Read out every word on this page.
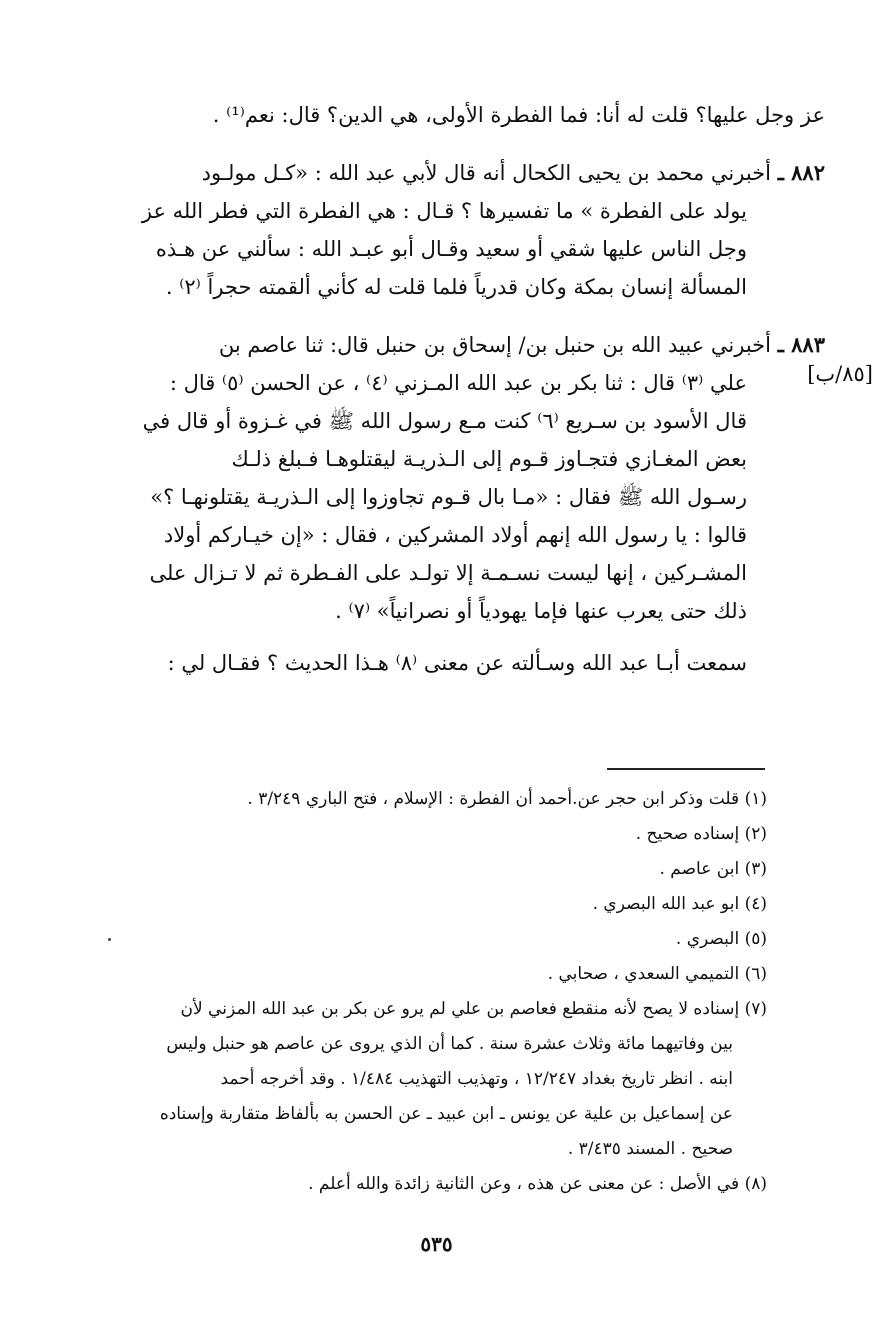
عز وجل عليها؟ قلت له أنا: فما الفطرة الأولى، هي الدين؟ قال: نعم⁽¹⁾ .
٨٨٢ ـ أخبرني محمد بن يحيى الكحال أنه قال لأبي عبد الله : «كـل مولـود
يولد على الفطرة » ما تفسيرها ؟ قـال : هي الفطرة التي فطر الله عز
وجل الناس عليها شقي أو سعيد وقـال أبو عبـد الله : سألني عن هـذه
المسألة إنسان بمكة وكان قدرياً فلما قلت له كأني ألقمته حجراً ⁽٢⁾ .
٨٨٣ ـ أخبرني عبيد الله بن حنبل بن/ إسحاق بن حنبل قال: ثنا عاصم بن
علي ⁽٣⁾ قال : ثنا بكر بن عبد الله المـزني ⁽٤⁾ ، عن الحسن ⁽٥⁾ قال :
قال الأسود بن سـريع ⁽٦⁾ كنت مـع رسول الله ﷺ في غـزوة أو قال في
بعض المغـازي فتجـاوز قـوم إلى الـذريـة ليقتلوهـا فـبلغ ذلـك
رسـول الله ﷺ فقال : «مـا بال قـوم تجاوزوا إلى الـذريـة يقتلونهـا ؟»
قالوا : يا رسول الله إنهم أولاد المشركين ، فقال : «إن خيـاركم أولاد
المشـركين ، إنها ليست نسـمـة إلا تولـد على الفـطرة ثم لا تـزال على
ذلك حتى يعرب عنها فإما يهودياً أو نصرانياً» ⁽٧⁾ .
سمعت أبـا عبد الله وسـألته عن معنى ⁽٨⁾ هـذا الحديث ؟ فقـال لي :
[٨٥/ب]
(١) قلت وذكر ابن حجر عن.أحمد أن الفطرة : الإسلام ، فتح الباري ٣/٢٤٩ .
(٢) إسناده صحيح .
(٣) ابن عاصم .
(٤) ابو عبد الله البصري .
(٥) البصري .
(٦) التميمي السعدي ، صحابي .
(٧) إسناده لا يصح لأنه منقطع فعاصم بن علي لم يرو عن بكر بن عبد الله المزني لأن
بين وفاتيهما مائة وثلاث عشرة سنة . كما أن الذي يروى عن عاصم هو حنبل وليس
ابنه . انظر تاريخ بغداد ١٢/٢٤٧ ، وتهذيب التهذيب ١/٤٨٤ . وقد أخرجه أحمد
عن إسماعيل بن علية عن يونس ـ ابن عبيد ـ عن الحسن به بألفاظ متقاربة وإسناده
صحيح . المسند ٣/٤٣٥ .
(٨) في الأصل : عن معنى عن هذه ، وعن الثانية زائدة والله أعلم .
٥٣٥
